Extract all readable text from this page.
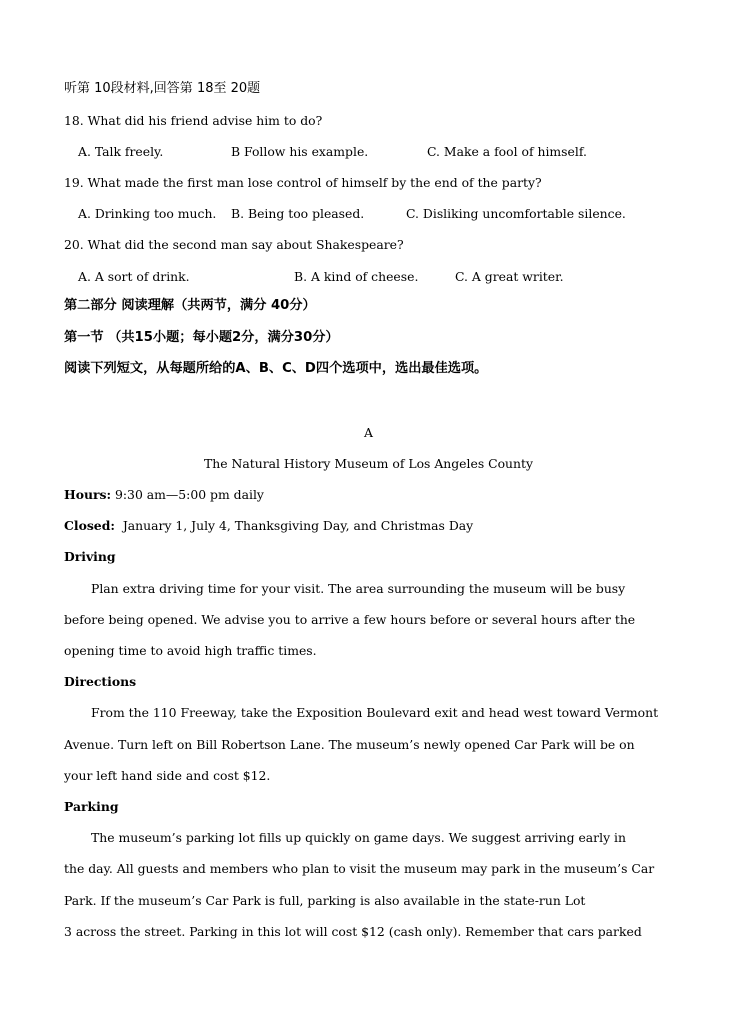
听第 10段材料,回答第 18至 20题
18. What did his friend advise him to do?
A. Talk freely.	B Follow his example.	C. Make a fool of himself.
19. What made the first man lose control of himself by the end of the party?
A. Drinking too much. B. Being too pleased.	C. Disliking uncomfortable silence.
20. What did the second man say about Shakespeare?
A. A sort of drink.	B. A kind of cheese.	C. A great writer.
第二部分 阅读理解（共两节，满分 40分）
第一节 （共15小题；每小题2分，满分30分）
阅读下列短文，从每题所给的A、B、C、D四个选项中，选出最佳选项。
A
The Natural History Museum of Los Angeles County
Hours: 9:30 am—5:00 pm daily
Closed:  January 1, July 4, Thanksgiving Day, and Christmas Day
Driving
Plan extra driving time for your visit. The area surrounding the museum will be busy
before being opened. We advise you to arrive a few hours before or several hours after the
opening time to avoid high traffic times.
Directions
From the 110 Freeway, take the Exposition Boulevard exit and head west toward Vermont
Avenue. Turn left on Bill Robertson Lane. The museum’s newly opened Car Park will be on
your left hand side and cost $12.
Parking
The museum’s parking lot fills up quickly on game days. We suggest arriving early in
the day. All guests and members who plan to visit the museum may park in the museum’s Car
Park. If the museum’s Car Park is full, parking is also available in the state-run Lot
3 across the street. Parking in this lot will cost $12 (cash only). Remember that cars parked
